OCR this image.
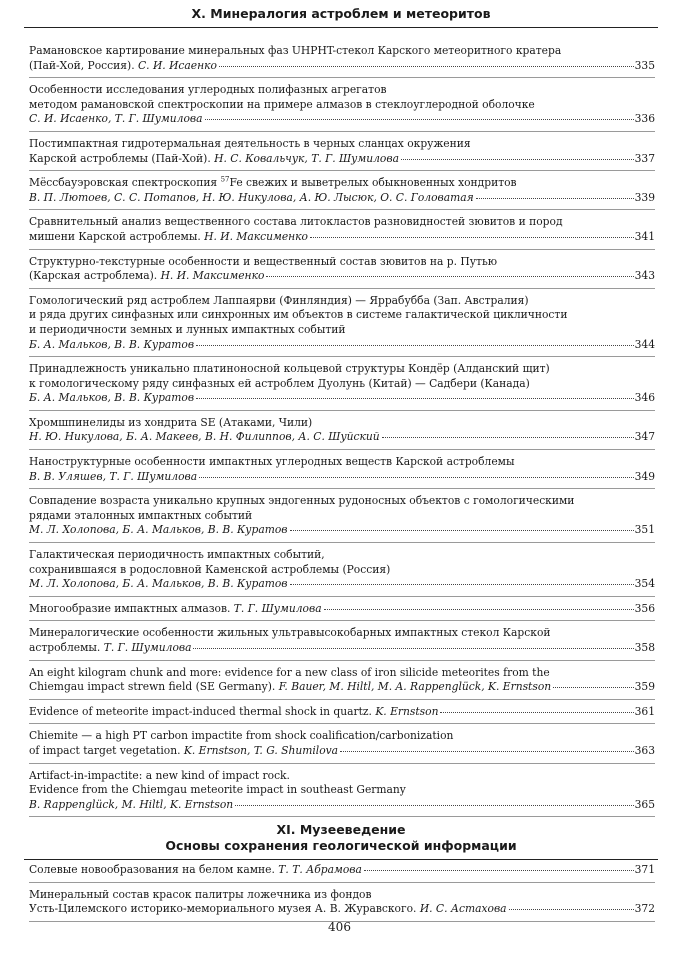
X. Минералогия астроблем и метеоритов

Рамановское картирование минеральных фаз UHPHT-стекол Карского метеоритного кратера
(Пай-Хой, Россия). С. И. Исаенко	335
Особенности исследования углеродных полифазных агрегатов
методом рамановской спектроскопии на примере алмазов в стеклоуглеродной оболочке
С. И. Исаенко, Т. Г. Шумилова	336
Постимпактная гидротермальная деятельность в черных сланцах окружения
Карской астроблемы (Пай-Хой). Н. С. Ковальчук, Т. Г. Шумилова	337
Мёссбауэровская спектроскопия $^{57}$Fe свежих и выветрелых обыкновенных хондритов
В. П. Лютоев, С. С. Потапов, Н. Ю. Никулова, А. Ю. Лысюк, О. С. Головатая	339
Сравнительный анализ вещественного состава литокластов разновидностей зювитов и пород
мишени Карской астроблемы. Н. И. Максименко	341
Структурно-текстурные особенности и вещественный состав зювитов на р. Путью
(Карская астроблема). Н. И. Максименко	343
Гомологический ряд астроблем Лаппаярви (Финляндия) — Яррабубба (Зап. Австралия)
и ряда других синфазных или синхронных им объектов в системе галактической цикличности
и периодичности земных и лунных импактных событий
Б. А. Мальков, В. В. Куратов	344
Принадлежность уникально платиноносной кольцевой структуры Кондёр (Алданский щит)
к гомологическому ряду синфазных ей астроблем Дуолунь (Китай) — Садбери (Канада)
Б. А. Мальков, В. В. Куратов	346
Хромшпинелиды из хондрита SE (Атаками, Чили)
Н. Ю. Никулова, Б. А. Макеев, В. Н. Филиппов, А. С. Шуйский	347
Наноструктурные особенности импактных углеродных веществ Карской астроблемы
В. В. Уляшев, Т. Г. Шумилова	349
Совпадение возраста уникально крупных эндогенных рудоносных объектов с гомологическими
рядами эталонных импактных событий
М. Л. Холопова, Б. А. Мальков, В. В. Куратов	351
Галактическая периодичность импактных событий,
сохранившаяся в родословной Каменской астроблемы (Россия)
М. Л. Холопова, Б. А. Мальков, В. В. Куратов	354
Многообразие импактных алмазов. Т. Г. Шумилова	356
Минералогические особенности жильных ультравысокобарных импактных стекол Карской
астроблемы. Т. Г. Шумилова	358
An eight kilogram chunk and more: evidence for a new class of iron silicide meteorites from the
Chiemgau impact strewn field (SE Germany). F. Bauer, M. Hiltl, M. A. Rappenglück, K. Ernstson	359
Evidence of meteorite impact-induced thermal shock in quartz. K. Ernstson	361
Chiemite — a high PT carbon impactite from shock coalification/carbonization
of impact target vegetation. K. Ernstson, T. G. Shumilova	363
Artifact-in-impactite: a new kind of impact rock.
Evidence from the Chiemgau meteorite impact in southeast Germany
B. Rappenglück, M. Hiltl, K. Ernstson	365

XI. Музееведение

Основы сохранения геологической информации

Солевые новообразования на белом камне. Т. Т. Абрамова	371
Минеральный состав красок палитры ложечника из фондов
Усть-Цилемского историко-мемориального музея А. В. Журавского. И. С. Астахова	372
406
